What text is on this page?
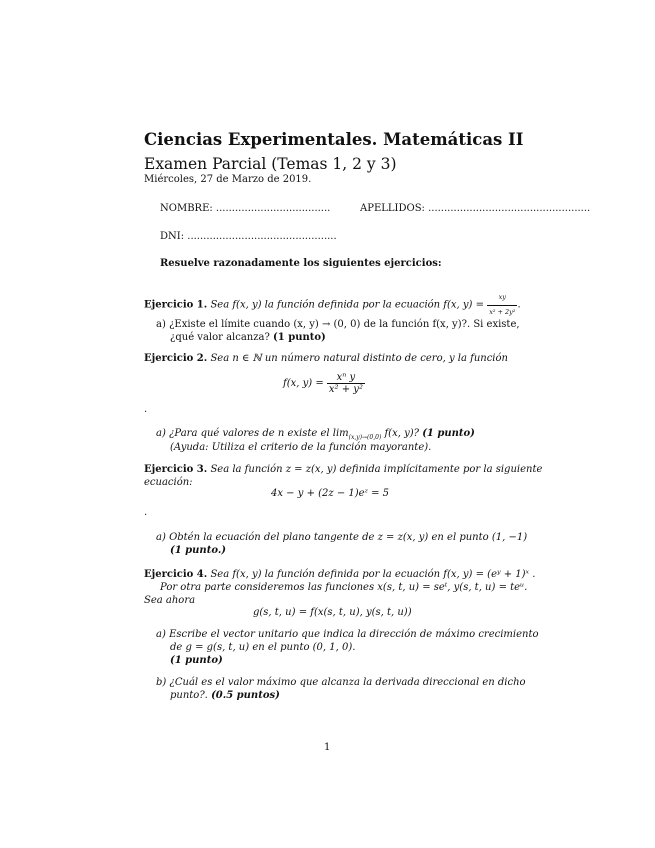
Ciencias Experimentales. Matemáticas II
Examen Parcial (Temas 1, 2 y 3)
Miércoles, 27 de Marzo de 2019.
NOMBRE: ....................................	APELLIDOS: ...................................................
DNI: ...............................................
Resuelve razonadamente los siguientes ejercicios:
Ejercicio 1. Sea f(x, y) la función definida por la ecuación f(x, $y) = \frac{xy}{\text{x² + 2y²}}$ .
a) ¿Existe el límite cuando (x, y) → (0, 0) de la función f(x, y)?. Si existe,
¿qué valor alcanza? (1 punto)
Ejercicio 2. Sea n ∈ ℕ un número natural distinto de cero, y la función
f(x, $y) = \frac{\text{xⁿ y}}{\text{x² + y²}}$
.
a) ¿Para qué valores de n existe el $\lim_{(x,y)\to(0,0)} f(x$, y)? (1 punto)
(Ayuda: Utiliza el criterio de la función mayorante).
Ejercicio 3. Sea la función z = z(x, y) definida implícitamente por la siguiente
ecuación:
4x − y + (2z − 1)eᶻ = 5
.
a) Obtén la ecuación del plano tangente de z = z(x, y) en el punto (1, −1)
(1 punto.)
Ejercicio 4. Sea f(x, y) la función definida por la ecuación f(x, y) = (eʸ + 1)ˣ .
Por otra parte consideremos las funciones x(s, t, u) = seᵗ, y(s, t, u) = teᵘ.
Sea ahora
g(s, t, u) = f(x(s, t, u), y(s, t, u))
a) Escribe el vector unitario que indica la dirección de máximo crecimiento
de g = g(s, t, u) en el punto (0, 1, 0).
(1 punto)
b) ¿Cuál es el valor máximo que alcanza la derivada direccional en dicho
punto?. (0.5 puntos)
1
